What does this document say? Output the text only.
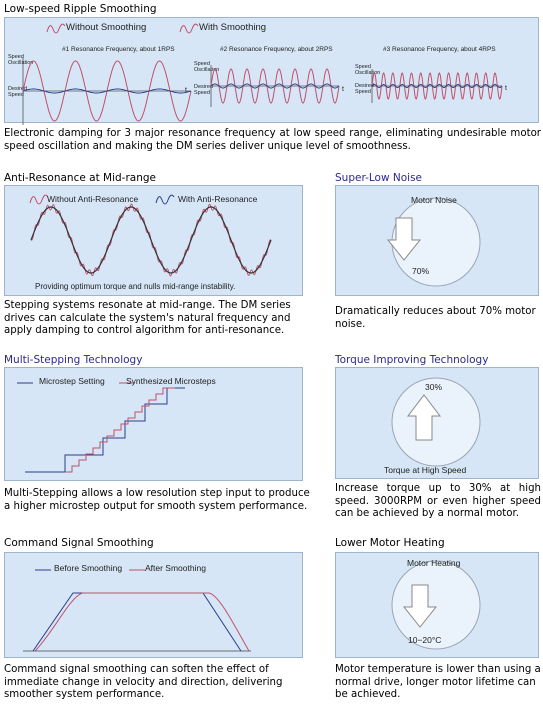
Low-speed Ripple Smoothing
Without Smoothing	With Smoothing
#1 Resonance Frequency, about 1RPS
Speed Oscillation
Desired Speed
t
#2 Resonance Frequency, about 2RPS
Speed Oscillation
Desired Speed	t
#3 Resonance Frequency, about 4RPS
Speed Oscillation
Desired Speed	t
Electronic damping for 3 major resonance frequency at low speed range, eliminating undesirable motor speed oscillation and making the DM series deliver unique level of smoothness.
Anti-Resonance at Mid-range
Without Anti-Resonance	With Anti-Resonance
Providing optimum torque and nulls mid-range instability.
Stepping systems resonate at mid-range. The DM series drives can calculate the system's natural frequency and apply damping to control algorithm for anti-resonance.
Super-Low Noise
Motor Noise
70%
Dramatically reduces about 70% motor noise.
Multi-Stepping Technology
Microstep Setting	Synthesized Microsteps
Multi-Stepping allows a low resolution step input to produce a higher microstep output for smooth system performance.
Torque Improving Technology
30%
Torque at High Speed
Increase torque up to 30% at high speed. 3000RPM or even higher speed can be achieved by a normal motor.
Command Signal Smoothing
Before Smoothing	After Smoothing
Command signal smoothing can soften the effect of immediate change in velocity and direction, delivering smoother system performance.
Lower Motor Heating
Motor Heating
10−20°C
Motor temperature is lower than using a normal drive, longer motor lifetime can be achieved.
